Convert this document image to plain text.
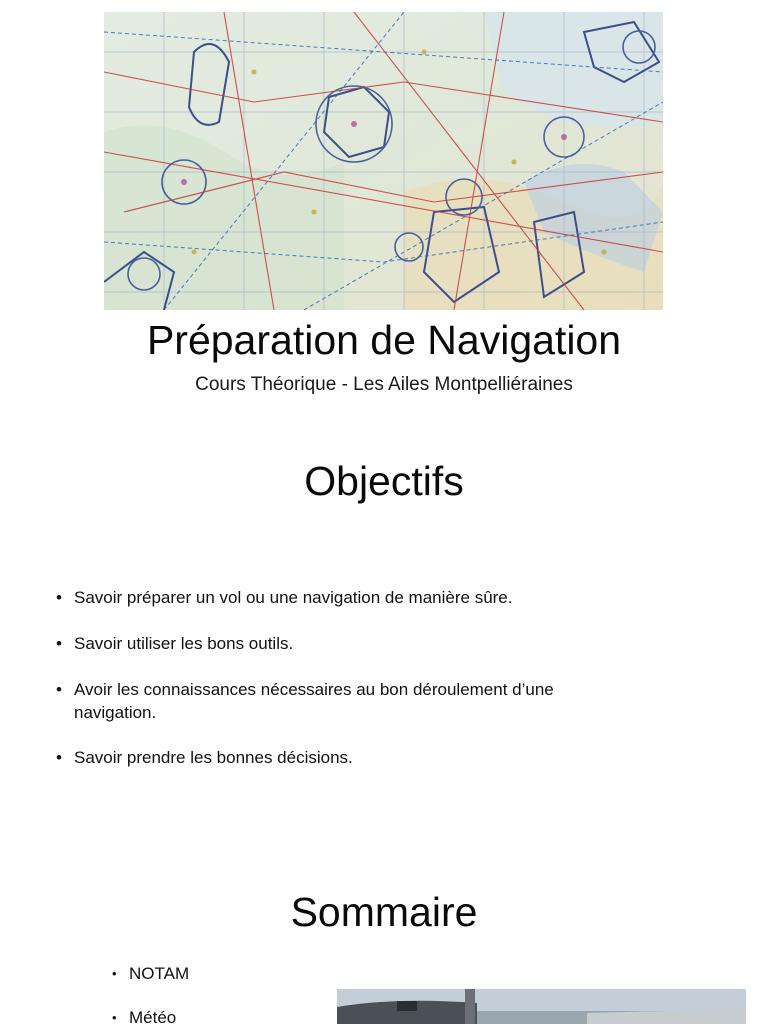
Préparation de Navigation
Cours Théorique - Les Ailes Montpelliéraines
Objectifs
• Savoir préparer un vol ou une navigation de manière sûre.
• Savoir utiliser les bons outils.
• Avoir les connaissances nécessaires au bon déroulement d’une navigation.
• Savoir prendre les bonnes décisions.
Sommaire
• NOTAM
• Météo
